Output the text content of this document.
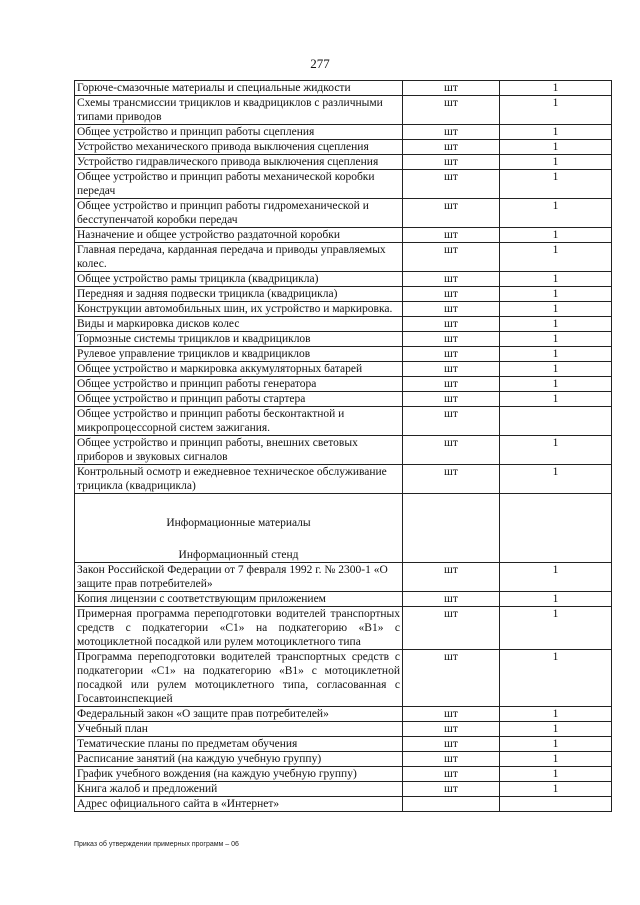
277
Горюче-смазочные материалы и специальные жидкости	шт	1
Схемы трансмиссии трициклов и квадрициклов с различными типами приводов	шт	1
Общее устройство и принцип работы сцепления	шт	1
Устройство механического привода выключения сцепления	шт	1
Устройство гидравлического привода выключения сцепления	шт	1
Общее устройство и принцип работы механической коробки передач	шт	1
Общее устройство и принцип работы гидромеханической и бесступенчатой коробки передач	шт	1
Назначение и общее устройство раздаточной коробки	шт	1
Главная передача, карданная передача и приводы управляемых колес.	шт	1
Общее устройство рамы трицикла (квадрицикла)	шт	1
Передняя и задняя подвески трицикла (квадрицикла)	шт	1
Конструкции автомобильных шин, их устройство и маркировка.	шт	1
Виды и маркировка дисков колес	шт	1
Тормозные системы трициклов и квадрициклов	шт	1
Рулевое управление трициклов и квадрициклов	шт	1
Общее устройство и маркировка аккумуляторных батарей	шт	1
Общее устройство и принцип работы генератора	шт	1
Общее устройство и принцип работы стартера	шт	1
Общее устройство и принцип работы бесконтактной и микропроцессорной систем зажигания.	шт	
Общее устройство и принцип работы, внешних световых приборов и звуковых сигналов	шт	1
Контрольный осмотр и ежедневное техническое обслуживание трицикла (квадрицикла)	шт	1

Информационные материалы
Информационный стенд		

Закон Российской Федерации от 7 февраля 1992 г. № 2300-1 «О защите прав потребителей»	шт	1
Копия лицензии с соответствующим приложением	шт	1
Примерная программа переподготовки водителей транспортных средств с подкатегории «C1» на подкатегорию «B1» с мотоциклетной посадкой или рулем мотоциклетного типа	шт	1
Программа переподготовки водителей транспортных средств с подкатегории «C1» на подкатегорию «B1» с мотоциклетной посадкой или рулем мотоциклетного типа, согласованная с Госавтоинспекцией	шт	1
Федеральный закон «О защите прав потребителей»	шт	1
Учебный план	шт	1
Тематические планы по предметам обучения	шт	1
Расписание занятий (на каждую учебную группу)	шт	1
График учебного вождения (на каждую учебную группу)	шт	1
Книга жалоб и предложений	шт	1
Адрес официального сайта в «Интернет»		
Приказ об утверждении примерных программ – 06
